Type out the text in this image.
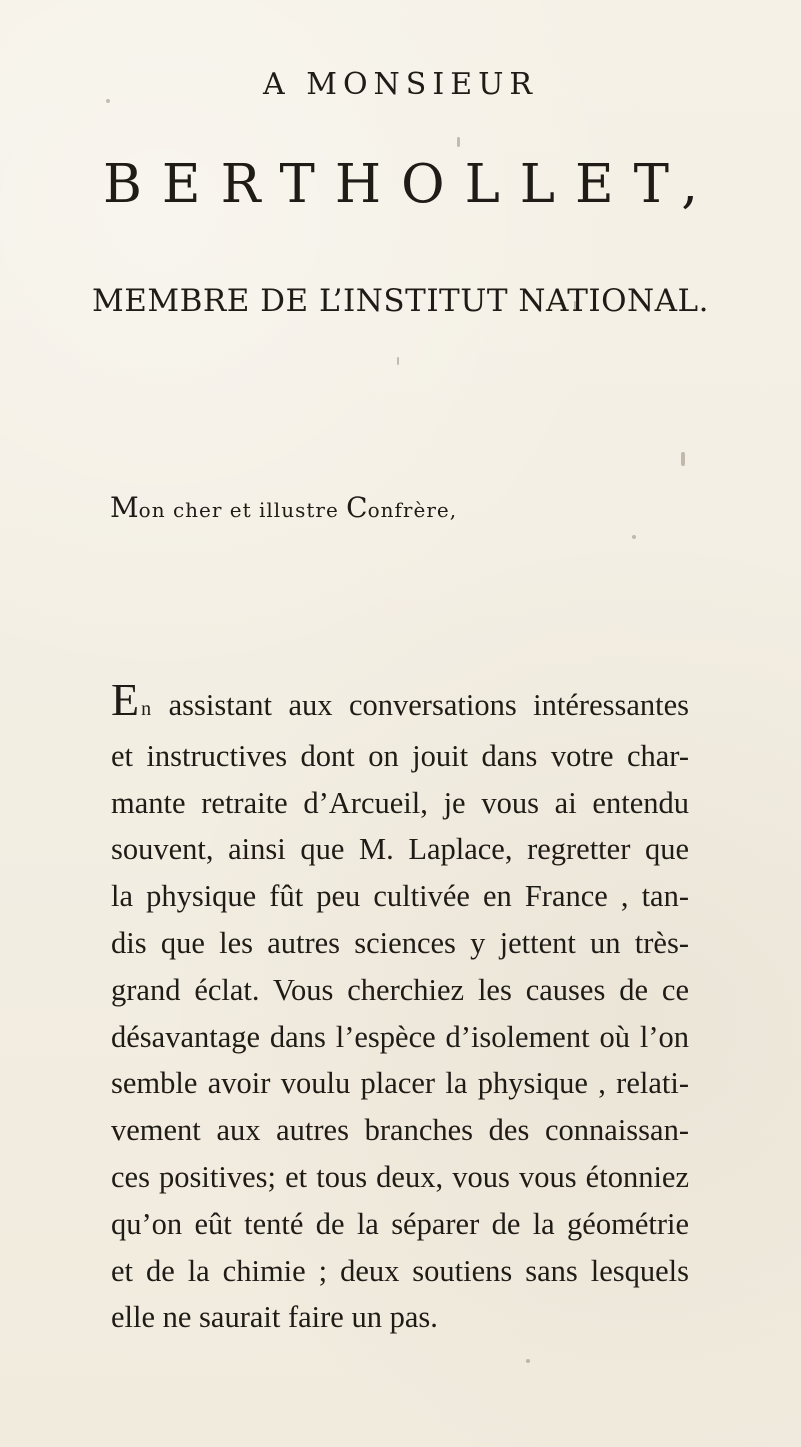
A MONSIEUR
BERTHOLLET,
MEMBRE DE L’INSTITUT NATIONAL.
Mon cher et illustre Confrère,
En assistant aux conversations intéressantes
et instructives dont on jouit dans votre char-
mante retraite d’Arcueil, je vous ai entendu
souvent, ainsi que M. Laplace, regretter que
la physique fût peu cultivée en France , tan-
dis que les autres sciences y jettent un très-
grand éclat. Vous cherchiez les causes de ce
désavantage dans l’espèce d’isolement où l’on
semble avoir voulu placer la physique , relati-
vement aux autres branches des connaissan-
ces positives; et tous deux, vous vous étonniez
qu’on eût tenté de la séparer de la géométrie
et de la chimie ; deux soutiens sans lesquels
elle ne saurait faire un pas.
